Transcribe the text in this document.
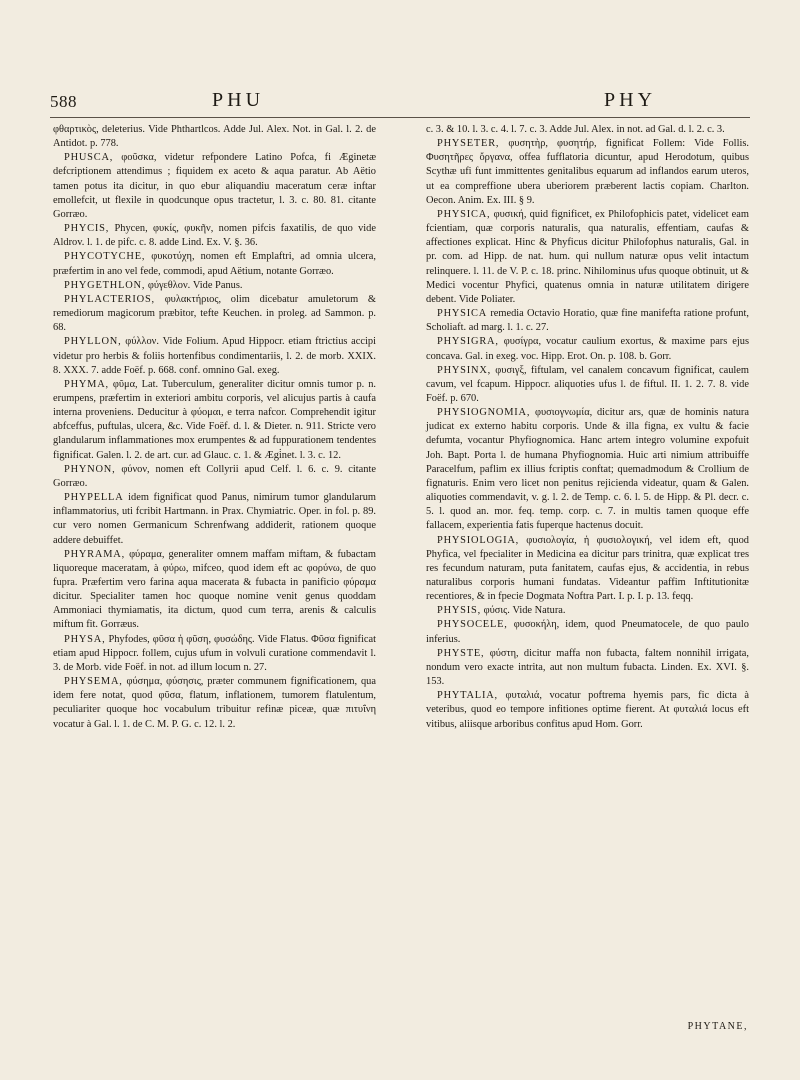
588	PHU	PHY

φθαρτικὸς, deleterius. Vide Phthartlcos. Adde Jul. Alex. Not. in Gal. l. 2. de Antidot. p. 778.

PHUSCA, φοῦσκα, videtur refpondere Latino Pofca, fi Æginetæ defcriptionem attendimus ; fiquidem ex aceto & aqua paratur. Ab Aëtio tamen potus ita dicitur, in quo ebur aliquandiu maceratum ceræ inftar emollefcit, ut flexile in quodcunque opus tractetur, l. 3. c. 80. 81. citante Gorræo.

PHYCIS, Phycen, φυκίς, φυκῆν, nomen pifcis faxatilis, de quo vide Aldrov. l. 1. de pifc. c. 8. adde Lind. Ex. V. §. 36.

PHYCOTYCHE, φυκοτύχη, nomen eft Emplaftri, ad omnia ulcera, præfertim in ano vel fede, commodi, apud Aëtium, notante Gorræo.

PHYGETHLON, φύγεθλον. Vide Panus.

PHYLACTERIOS, φυλακτήριος, olim dicebatur amuletorum & remediorum magicorum præbitor, tefte Keuchen. in proleg. ad Sammon. p. 68.

PHYLLON, φύλλον. Vide Folium. Apud Hippocr. etiam ftrictius accipi videtur pro herbis & foliis hortenfibus condimentariis, l. 2. de morb. XXIX. 8. XXX. 7. adde Foëf. p. 668. conf. omnino Gal. exeg.

PHYMA, φῦμα, Lat. Tuberculum, generaliter dicitur omnis tumor p. n. erumpens, præfertim in exteriori ambitu corporis, vel alicujus partis à caufa interna proveniens. Deducitur à φύομαι, e terra nafcor. Comprehendit igitur abfceffus, puftulas, ulcera, &c. Vide Foëf. d. l. & Dieter. n. 911. Stricte vero glandularum inflammationes mox erumpentes & ad fuppurationem tendentes fignificat. Galen. l. 2. de art. cur. ad Glauc. c. 1. & Ægi̇net. l. 3. c. 12.

PHYNON, φύνον, nomen eft Collyrii apud Celf. l. 6. c. 9. citante Gorræo.

PHYPELLA idem fignificat quod Panus, nimirum tumor glandularum inflammatorius, uti fcribit Hartmann. in Prax. Chymiatric. Oper. in fol. p. 89. cur vero nomen Germanicum Schrenfwang addiderit, rationem quoque addere debuiffet.

PHYRAMA, φύραμα, generaliter omnem maffam miftam, & fubactam liquoreque maceratam, à φύρω, mifceo, quod idem eft ac φορύνω, de quo fupra. Præfertim vero farina aqua macerata & fubacta in panificio φύραμα dicitur. Specialiter tamen hoc quoque nomine venit genus quoddam Ammoniaci thymiamatis, ita dictum, quod cum terra, arenis & calculis miftum fit. Gorræus.

PHYSA, Phyfodes, φῦσα ἡ φῦση, φυσώδης. Vide Flatus. Φῦσα fignificat etiam apud Hippocr. follem, cujus ufum in volvuli curatione commendavit l. 3. de Morb. vide Foëf. in not. ad illum locum n. 27.

PHYSEMA, φύσημα, φύσησις, præter communem fignificationem, qua idem fere notat, quod φῦσα, flatum, inflationem, tumorem flatulentum, peculiariter quoque hoc vocabulum tribuitur refinæ piceæ, quæ πιτυΐνη vocatur à Gal. l. 1. de C. M. P. G. c. 12. l. 2.

c. 3. & 10. l. 3. c. 4. l. 7. c. 3. Adde Jul. Alex. in not. ad Gal. d. l. 2. c. 3.

PHYSETER, φυσητὴρ, φυσητήρ, fignificat Follem: Vide Follis. Φυσητῆρες ὄργανα, offea fufflatoria dicuntur, apud Herodotum, quibus Scythæ ufi funt immittentes genitalibus equarum ad inflandos earum uteros, ut ea compreffione ubera uberiorem præberent lactis copiam. Charlton. Oecon. Anim. Ex. III. § 9.

PHYSICA, φυσική, quid fignificet, ex Philofophicis patet, videlicet eam fcientiam, quæ corporis naturalis, qua naturalis, effentiam, caufas & affectiones explicat. Hinc & Phyficus dicitur Philofophus naturalis, Gal. in pr. com. ad Hipp. de nat. hum. qui nullum naturæ opus velit intactum relinquere. l. 11. de V. P. c. 18. princ. Nihilominus ufus quoque obtinuit, ut & Medici vocentur Phyfici, quatenus omnia in naturæ utilitatem dirigere debent. Vide Poliater.

PHYSICA remedia Octavio Horatio, quæ fine manifefta ratione profunt, Scholiaft. ad marg. l. 1. c. 27.

PHYSIGRA, φυσίγρα, vocatur caulium exortus, & maxime pars ejus concava. Gal. in exeg. voc. Hipp. Erot. On. p. 108. b. Gorr.

PHYSINX, φυσιγξ, fiftulam, vel canalem concavum fignificat, caulem cavum, vel fcapum. Hippocr. aliquoties ufus l. de fiftul. II. 1. 2. 7. 8. vide Foëf. p. 670.

PHYSIOGNOMIA, φυσιογνωμία, dicitur ars, quæ de hominis natura judicat ex externo habitu corporis. Unde & illa figna, ex vultu & facie defumta, vocantur Phyfiognomica. Hanc artem integro volumine expofuit Joh. Bapt. Porta l. de humana Phyfiognomia. Huic arti nimium attribuiffe Paracelfum, paflim ex illius fcriptis conftat; quemadmodum & Crollium de fignaturis. Enim vero licet non penitus rejicienda videatur, quam & Galen. aliquoties commendavit, v. g. l. 2. de Temp. c. 6. l. 5. de Hipp. & Pl. decr. c. 5. l. quod an. mor. feq. temp. corp. c. 7. in multis tamen quoque effe fallacem, experientia fatis fuperque hactenus docuit.

PHYSIOLOGIA, φυσιολογία, ἡ φυσιολογική, vel idem eft, quod Phyfica, vel fpecialiter in Medicina ea dicitur pars trinitra, quæ explicat tres res fecundum naturam, puta fanitatem, caufas ejus, & accidentia, in rebus naturalibus corporis humani fundatas. Videantur paffim Inftitutionitæ recentiores, & in fpecie Dogmata Noftra Part. I. p. I. p. 13. feqq.

PHYSIS, φύσις. Vide Natura.

PHYSOCELE, φυσοκήλη, idem, quod Pneumatocele, de quo paulo inferius.

PHYSTE, φύστη, dicitur maffa non fubacta, faltem nonnihil irrigata, nondum vero exacte intrita, aut non multum fubacta. Linden. Ex. XVI. §. 153.

PHYTALIA, φυταλιά, vocatur poftrema hyemis pars, fic dicta à veteribus, quod eo tempore infitiones optime fierent. At φυταλιά locus eft vitibus, aliisque arboribus confitus apud Hom. Gorr.

PHYTANE,
